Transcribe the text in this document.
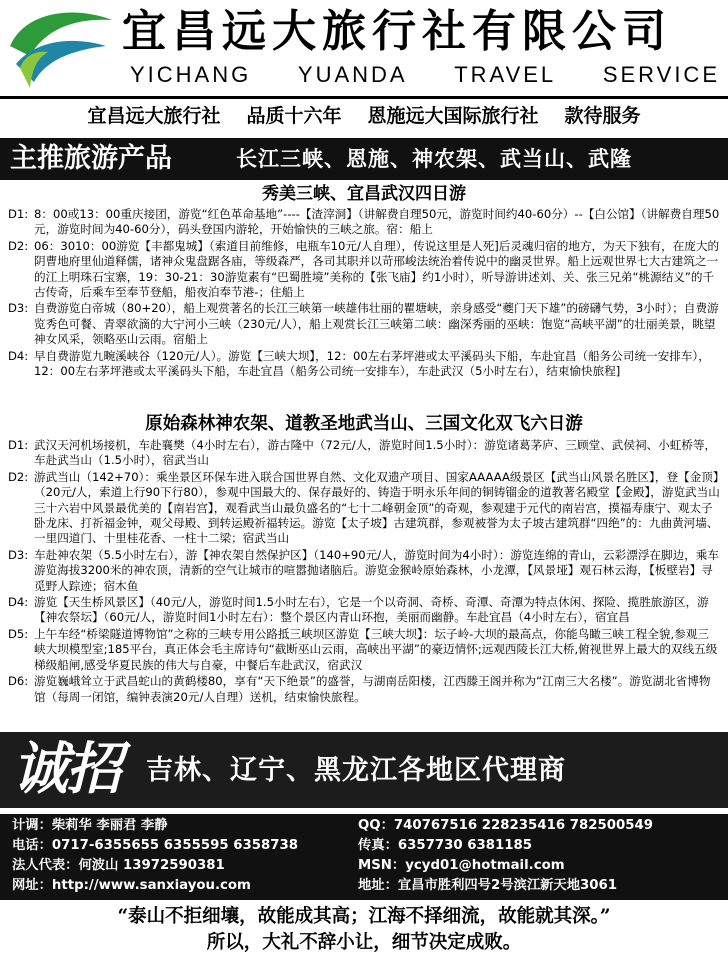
宜昌远大旅行社有限公司
YICHANG YUANDA TRAVEL SERVICE
宜昌远大旅行社 品质十六年 恩施远大国际旅行社 款待服务
主推旅游产品	长江三峡、恩施、神农架、武当山、武隆
秀美三峡、宜昌武汉四日游
D1: 8：00或13：00重庆接团，游览“红色革命基地”----【渣滓洞】（讲解费自理50元，游览时间约40-60分）--【白公馆】（讲解费自理50元，游览时间为40-60分），码头登国内游轮，开始愉快的三峡之旅。宿：船上
D2: 06：3010：00游览【丰都鬼城】（索道目前维修，电瓶车10元/人自理），传说这里是人死]后灵魂归宿的地方，为天下独有，在庞大的阴曹地府里仙道释儒，诸神众鬼盘踞各庙，等级森严，各司其职并以苛邢峻法统治着传说中的幽灵世界。船上远观世界七大古建筑之一的江上明珠石宝寨，19：30-21：30游览素有“巴蜀胜境”美称的【张飞庙】约1小时），听导游讲述刘、关、张三兄弟“桃源结义”的千古传奇，后乘车至奉节登船，船夜泊奉节港-；住船上
D3: 自费游览白帝城（80+20），船上观赏著名的长江三峡第一峡雄伟壮丽的瞿塘峡，亲身感受“夔门天下雄”的磅礴气势，3小时）；自费游览秀色可餐、青翠欲滴的大宁河小三峡（230元/人），船上观赏长江三峡第二峡：幽深秀丽的巫峡：饱览“高峡平湖”的壮丽美景，眺望神女风采，领略巫山云雨。宿船上
D4: 早自费游览九畹溪峡谷（120元/人）。游览【三峡大坝】，12：00左右茅坪港或太平溪码头下船，车赴宜昌（船务公司统一安排车），12：00左右茅坪港或太平溪码头下船，车赴宜昌（船务公司统一安排车），车赴武汉（5小时左右），结束愉快旅程]
原始森林神农架、道教圣地武当山、三国文化双飞六日游
D1: 武汉天河机场接机，车赴襄樊（4小时左右），游古隆中（72元/人，游览时间1.5小时）：游览诸葛茅庐、三顾堂、武侯祠、小虹桥等，车赴武当山（1.5小时），宿武当山
D2: 游武当山（142+70）：乘坐景区环保车进入联合国世界自然、文化双遗产项目、国家AAAAA级景区【武当山风景名胜区】，登【金顶】（20元/人，索道上行90下行80），参观中国最大的、保存最好的、铸造于明永乐年间的铜铸镏金的道教著名殿堂【金殿】，游览武当山三十六岩中风景最优美的【南岩宫】，观看武当山最负盛名的“七十二峰朝金顶”的奇观，参观建于元代的南岩宫，摸福寿康宁、观太子卧龙床、打祈福金钟，观父母殿、到转运殿祈福转运。游览【太子坡】古建筑群，参观被誉为太子坡古建筑群“四绝”的：九曲黄河墙、一里四道门、十里桂花香、一柱十二梁；宿武当山
D3: 车赴神农架（5.5小时左右），游【神农架自然保护区】（140+90元/人，游览时间为4小时）：游览连绵的青山，云彩漂浮在脚边，乘车游览海拔3200米的神农顶，清新的空气让城市的喧嚣抛诸脑后。游览金猴岭原始森林，小龙潭，【风景垭】观石林云海，【板壁岩】寻觅野人踪迹；宿木鱼
D4: 游览【天生桥风景区】（40元/人，游览时间1.5小时左右），它是一个以奇洞、奇桥、奇潭、奇潭为特点休闲、探险、揽胜旅游区，游【神农祭坛】（60元/人，游览时间1小时左右）：整个景区内青山环抱，美丽而幽静。车赴宜昌（4小时左右），宿宜昌
D5: 上午车经“桥梁隧道博物馆”之称的三峡专用公路抵三峡坝区游览【三峡大坝】：坛子岭-大坝的最高点，你能鸟瞰三峡工程全貌,参观三峡大坝模型室;185平台，真正体会毛主席诗句“截断巫山云雨，高峡出平湖”的豪迈情怀;远观西陵长江大桥,俯视世界上最大的双线五级梯级船闸,感受华夏民族的伟大与自豪，中餐后车赴武汉，宿武汉
D6: 游览巍峨耸立于武昌蛇山的黄鹤楼80，享有“天下绝景”的盛誉，与湖南岳阳楼，江西滕王阁并称为“江南三大名楼”。游览湖北省博物馆（每周一闭馆，编钟表演20元/人自理）送机，结束愉快旅程。
诚招 吉林、辽宁、黑龙江各地区代理商
计调：柴莉华 李丽君 李静	QQ：740767516 228235416 782500549
电话：0717-6355655 6355595 6358738	传真：6357730 6381185
法人代表：何波山 13972590381	MSN：ycyd01@hotmail.com
网址：http://www.sanxiayou.com	地址：宜昌市胜利四号2号滨江新天地3061
“泰山不拒细壤，故能成其高；江海不择细流，故能就其深。”
所以，大礼不辞小让，细节决定成败。
